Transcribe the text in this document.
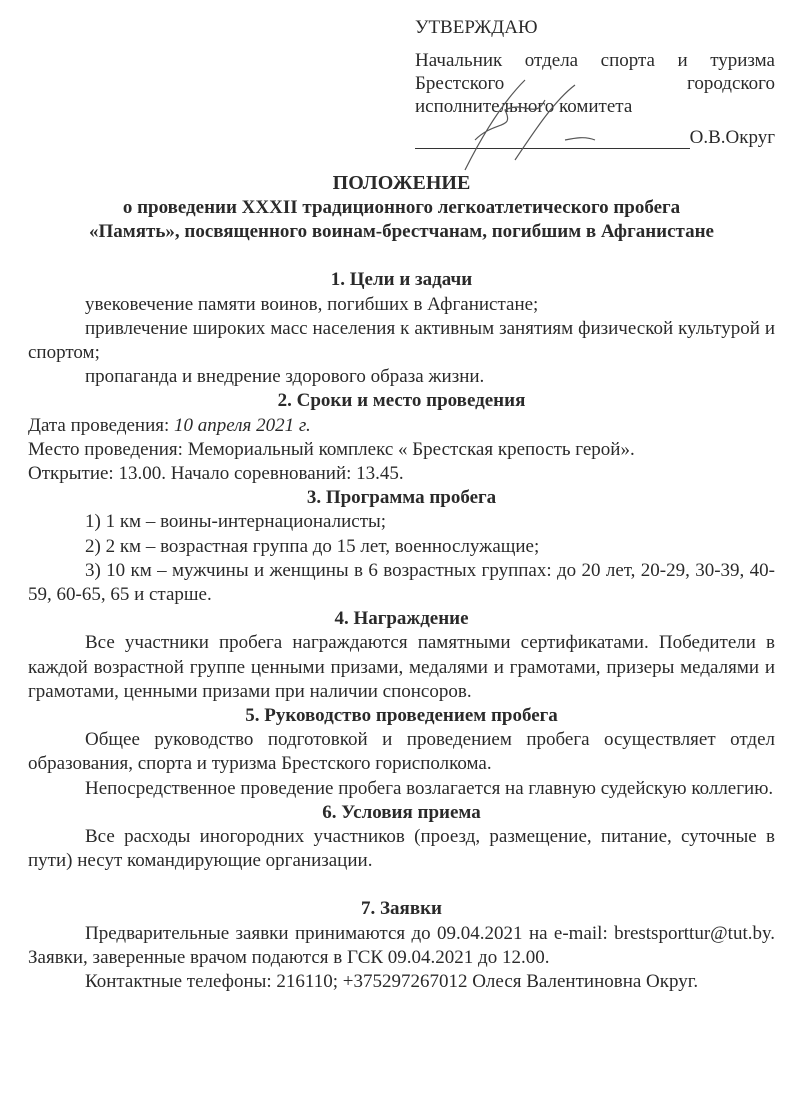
УТВЕРЖДАЮ
Начальник отдела спорта и туризма
Брестского городского
исполнительного комитета
О.В.Округ
ПОЛОЖЕНИЕ

о проведении XXXII традиционного легкоатлетического пробега

«Память», посвященного воинам-брестчанам, погибшим в Афганистане

1. Цели и задачи

увековечение памяти воинов, погибших в Афганистане;

привлечение широких масс населения к активным занятиям физической культурой и спортом;

пропаганда и внедрение здорового образа жизни.

2. Сроки и место проведения

Дата проведения: 10 апреля 2021 г.

Место проведения: Мемориальный комплекс « Брестская крепость герой».

Открытие: 13.00. Начало соревнований: 13.45.

3. Программа пробега

1) 1 км – воины-интернационалисты;

2) 2 км – возрастная группа до 15 лет, военнослужащие;

3) 10 км – мужчины и женщины в 6 возрастных группах: до 20 лет, 20-29, 30-39, 40-59, 60-65, 65 и старше.

4. Награждение

Все участники пробега награждаются памятными сертификатами. Победители в каждой возрастной группе ценными призами, медалями и грамотами, призеры медалями и грамотами, ценными призами при наличии спонсоров.

5. Руководство проведением пробега

Общее руководство подготовкой и проведением пробега осуществляет отдел образования, спорта и туризма Брестского горисполкома.

Непосредственное проведение пробега возлагается на главную судейскую коллегию.

6. Условия приема

Все расходы иногородних участников (проезд, размещение, питание, суточные в пути) несут командирующие организации.

7. Заявки

Предварительные заявки принимаются до 09.04.2021 на e-mail: brestsporttur@tut.by. Заявки, заверенные врачом подаются в ГСК 09.04.2021 до 12.00.

Контактные телефоны: 216110; +375297267012 Олеся Валентиновна Округ.
